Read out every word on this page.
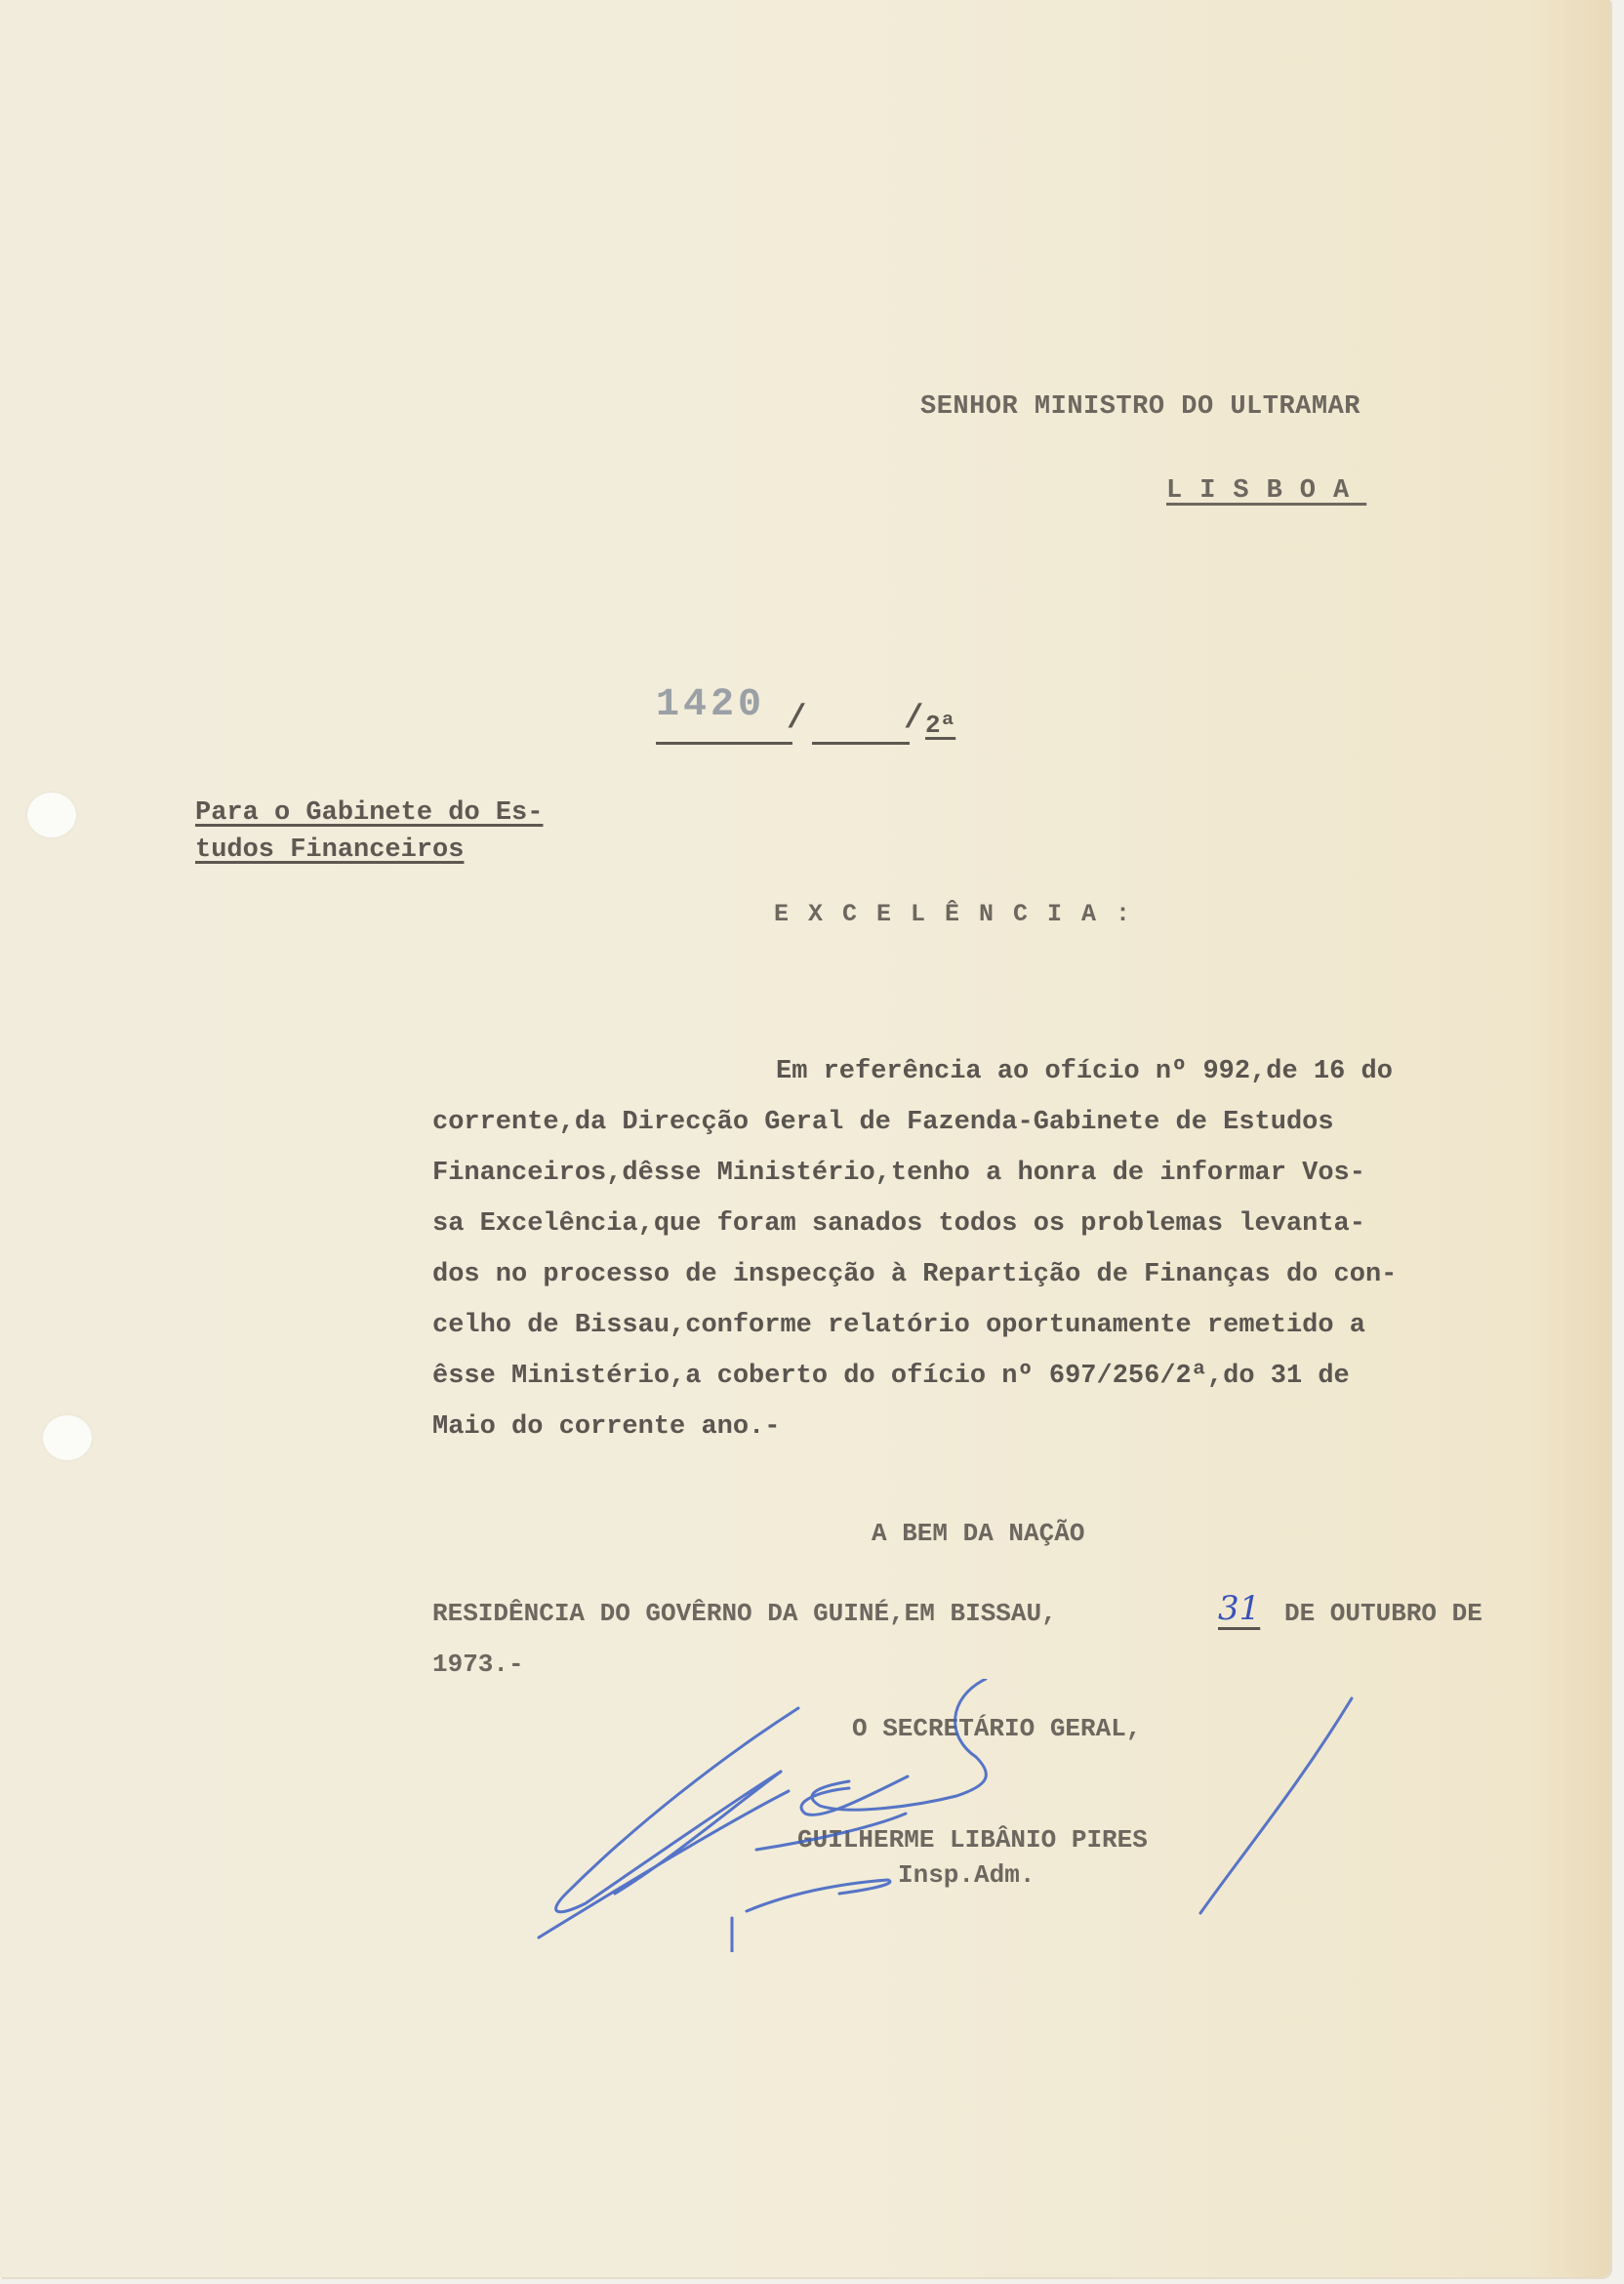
SENHOR MINISTRO DO ULTRAMAR
LISBOA
1420 /	/ 2ª
Para o Gabinete do Es-
tudos Financeiros
EXCELÊNCIA:
Em referência ao ofício nº 992,de 16 do
corrente,da Direcção Geral de Fazenda-Gabinete de Estudos
Financeiros,dêsse Ministério,tenho a honra de informar Vos-
sa Excelência,que foram sanados todos os problemas levanta-
dos no processo de inspecção à Repartição de Finanças do con-
celho de Bissau,conforme relatório oportunamente remetido a
êsse Ministério,a coberto do ofício nº 697/256/2ª,do 31 de
Maio do corrente ano.-
A BEM DA NAÇÃO
RESIDÊNCIA DO GOVÊRNO DA GUINÉ,EM BISSAU,	31 DE OUTUBRO DE
1973.-
O SECRETÁRIO GERAL,
GUILHERME LIBÂNIO PIRES
Insp.Adm.
